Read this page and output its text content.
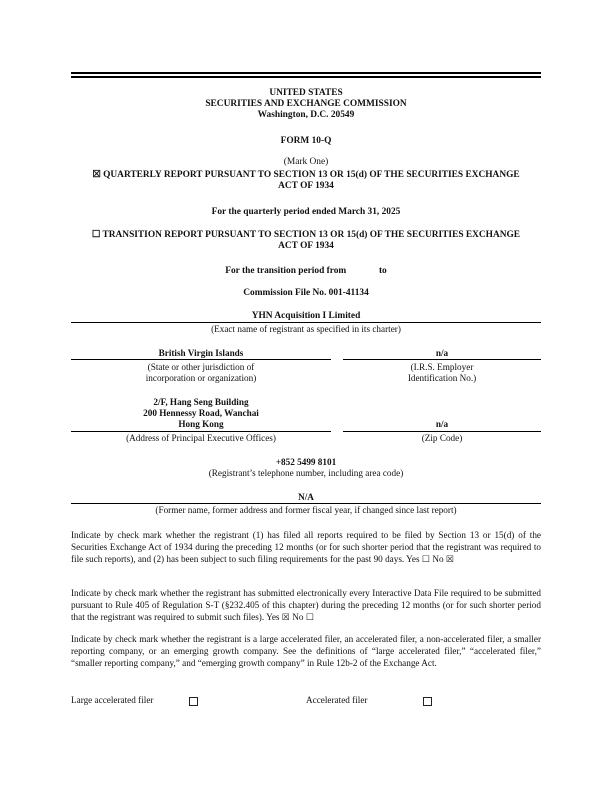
UNITED STATES
SECURITIES AND EXCHANGE COMMISSION
Washington, D.C. 20549
FORM 10-Q
(Mark One)
☒ QUARTERLY REPORT PURSUANT TO SECTION 13 OR 15(d) OF THE SECURITIES EXCHANGE
ACT OF 1934
For the quarterly period ended March 31, 2025
☐ TRANSITION REPORT PURSUANT TO SECTION 13 OR 15(d) OF THE SECURITIES EXCHANGE
ACT OF 1934
For the transition period from	to
Commission File No. 001-41134
YHN Acquisition I Limited
(Exact name of registrant as specified in its charter)
British Virgin Islands	n/a
(State or other jurisdiction of
incorporation or organization)
(I.R.S. Employer
Identification No.)
2/F, Hang Seng Building
200 Hennessy Road, Wanchai
Hong Kong	n/a
(Address of Principal Executive Offices)	(Zip Code)
+852 5499 8101
(Registrant’s telephone number, including area code)
N/A
(Former name, former address and former fiscal year, if changed since last report)
Indicate by check mark whether the registrant (1) has filed all reports required to be filed by Section 13 or 15(d) of the Securities Exchange Act of 1934 during the preceding 12 months (or for such shorter period that the registrant was required to file such reports), and (2) has been subject to such filing requirements for the past 90 days. Yes ☐ No ☒
Indicate by check mark whether the registrant has submitted electronically every Interactive Data File required to be submitted pursuant to Rule 405 of Regulation S-T (§232.405 of this chapter) during the preceding 12 months (or for such shorter period that the registrant was required to submit such files). Yes ☒ No ☐
Indicate by check mark whether the registrant is a large accelerated filer, an accelerated filer, a non-accelerated filer, a smaller reporting company, or an emerging growth company. See the definitions of “large accelerated filer,” “accelerated filer,” “smaller reporting company,” and “emerging growth company” in Rule 12b-2 of the Exchange Act.
Large accelerated filer	Accelerated filer
